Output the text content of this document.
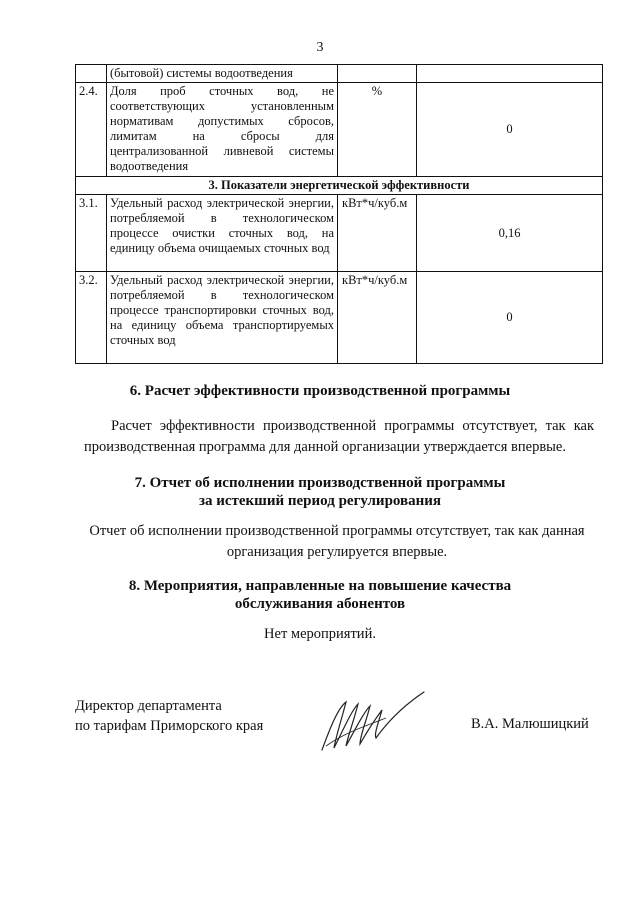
3
	(бытовой) системы водоотведения		
2.4.	Доля проб сточных вод, не соответствующих установленным нормативам допустимых сбросов, лимитам на сбросы для централизованной ливневой системы водоотведения	%	0
3. Показатели энергетической эффективности			
3.1.	Удельный расход электрической энергии, потребляемой в технологическом процессе очистки сточных вод, на единицу объема очищаемых сточных вод	кВт*ч/куб.м	0,16
3.2.	Удельный расход электрической энергии, потребляемой в технологическом процессе транспортировки сточных вод, на единицу объема транспортируемых сточных вод	кВт*ч/куб.м	0
6. Расчет эффективности производственной программы

Расчет эффективности производственной программы отсутствует, так как производственная программа для данной организации утверждается впервые.

7. Отчет об исполнении производственной программы
за истекший период регулирования

Отчет об исполнении производственной программы отсутствует, так как данная организация регулируется впервые.

8. Мероприятия, направленные на повышение качества
обслуживания абонентов

Нет мероприятий.

Директор департамента
по тарифам Приморского края	В.А. Малюшицкий
